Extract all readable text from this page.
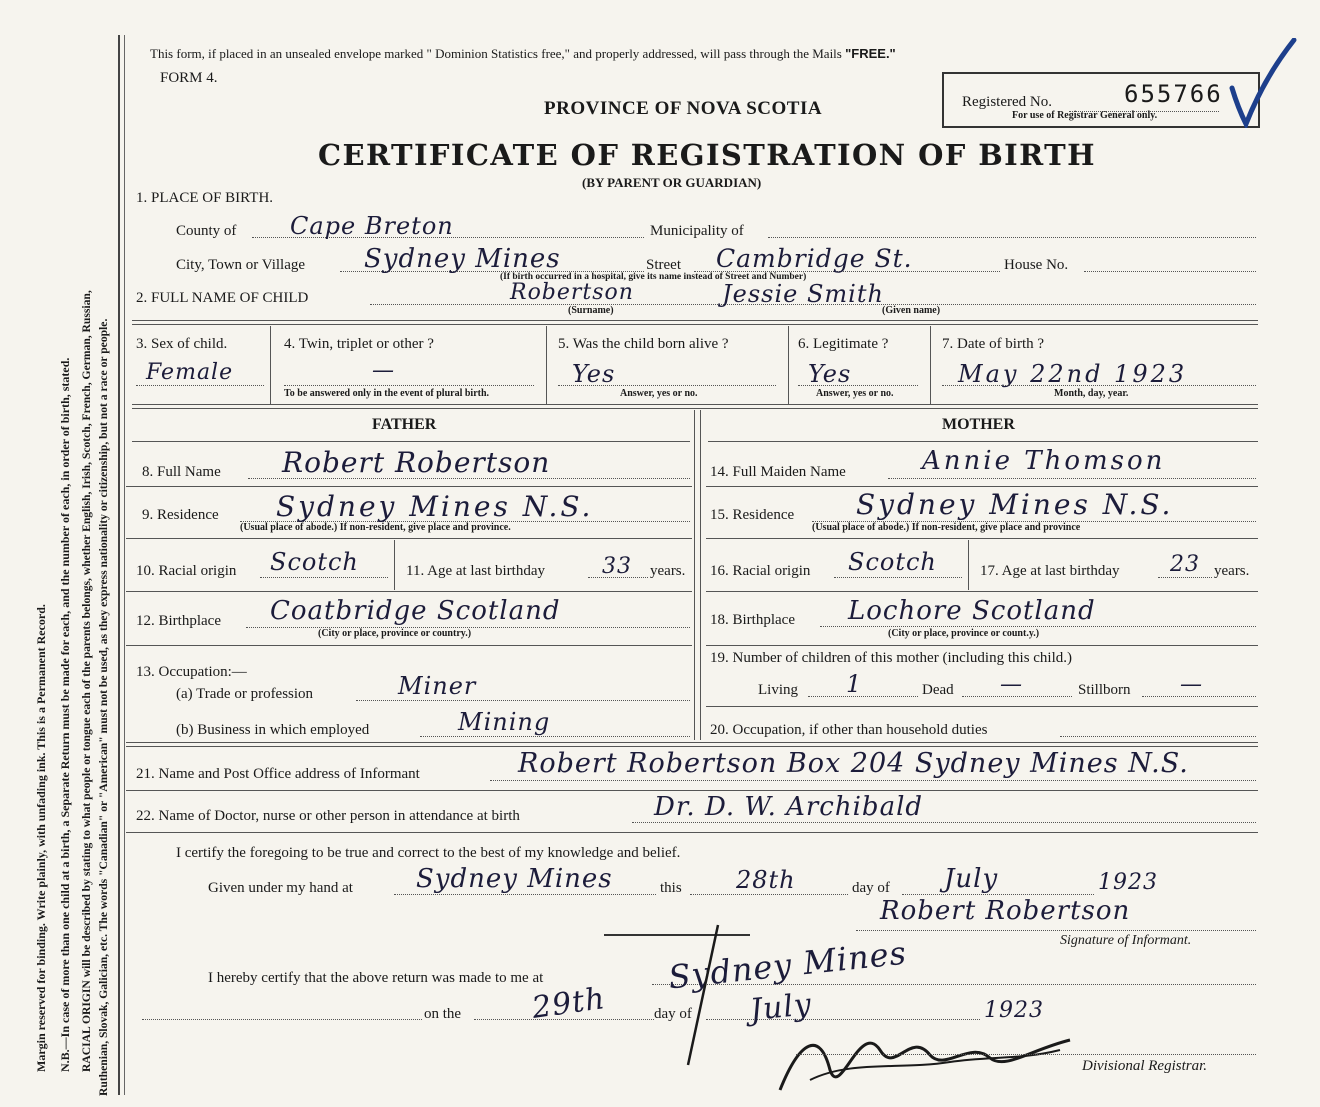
Margin reserved for binding. Write plainly, with unfading ink. This is a Permanent Record. N.B.—In case of more than one child at a birth, a Separate Return must be made for each, and the number of each, in order of birth, stated. RACIAL ORIGIN will be described by stating to what people or tongue each of the parents belongs, whether English, Irish, Scotch, French, German, Russian, Ruthenian, Slovak, Galician, etc. The words "Canadian" or "American" must not be used, as they express nationality or citizenship, but not a race or people.
This form, if placed in an unsealed envelope marked " Dominion Statistics free," and properly addressed, will pass through the Mails "FREE."
FORM 4.
PROVINCE OF NOVA SCOTIA	Registered No.	655766
For use of Registrar General only.
CERTIFICATE OF REGISTRATION OF BIRTH
(BY PARENT OR GUARDIAN)
1. PLACE OF BIRTH.
County of Cape Breton	Municipality of
City, Town or Village Sydney Mines	Street Cambridge St.
(If birth occurred in a hospital, give its name instead of Street and Number)
House No.
2. FULL NAME OF CHILD	Robertson	Jessie Smith
(Surname)	(Given name)
3. Sex of child.
Female
4. Twin, triplet or other ?
—
To be answered only in the event of plural birth.
5. Was the child born alive ?
Yes
Answer, yes or no.
6. Legitimate ?
Yes
Answer, yes or no.
7. Date of birth ?
May 22nd 1923
Month, day, year.
FATHER	MOTHER
8. Full Name Robert Robertson
9. Residence Sydney Mines N.S.
(Usual place of abode.) If non-resident, give place and province.
10. Racial origin Scotch	11. Age at last birthday	33 years.
12. Birthplace Coatbridge Scotland
(City or place, province or country.)
13. Occupation:—
(a) Trade or profession	Miner
(b) Business in which employed	Mining
14. Full Maiden Name	Annie Thomson
15. Residence Sydney Mines N.S.
(Usual place of abode.) If non-resident, give place and province
16. Racial origin Scotch	17. Age at last birthday 23 years.
18. Birthplace Lochore Scotland
(City or place, province or count.y.)
19. Number of children of this mother (including this child.)
Living 1	Dead —	Stillborn —
20. Occupation, if other than household duties
21. Name and Post Office address of Informant	Robert Robertson Box 204 Sydney Mines N.S.
22. Name of Doctor, nurse or other person in attendance at birth	Dr. D. W. Archibald
I certify the foregoing to be true and correct to the best of my knowledge and belief.
Given under my hand at Sydney Mines	this 28th	day of July	1923
Robert Robertson
Signature of Informant.
I hereby certify that the above return was made to me at	Sydney Mines
on the 29th	day of July	1923
Divisional Registrar.
